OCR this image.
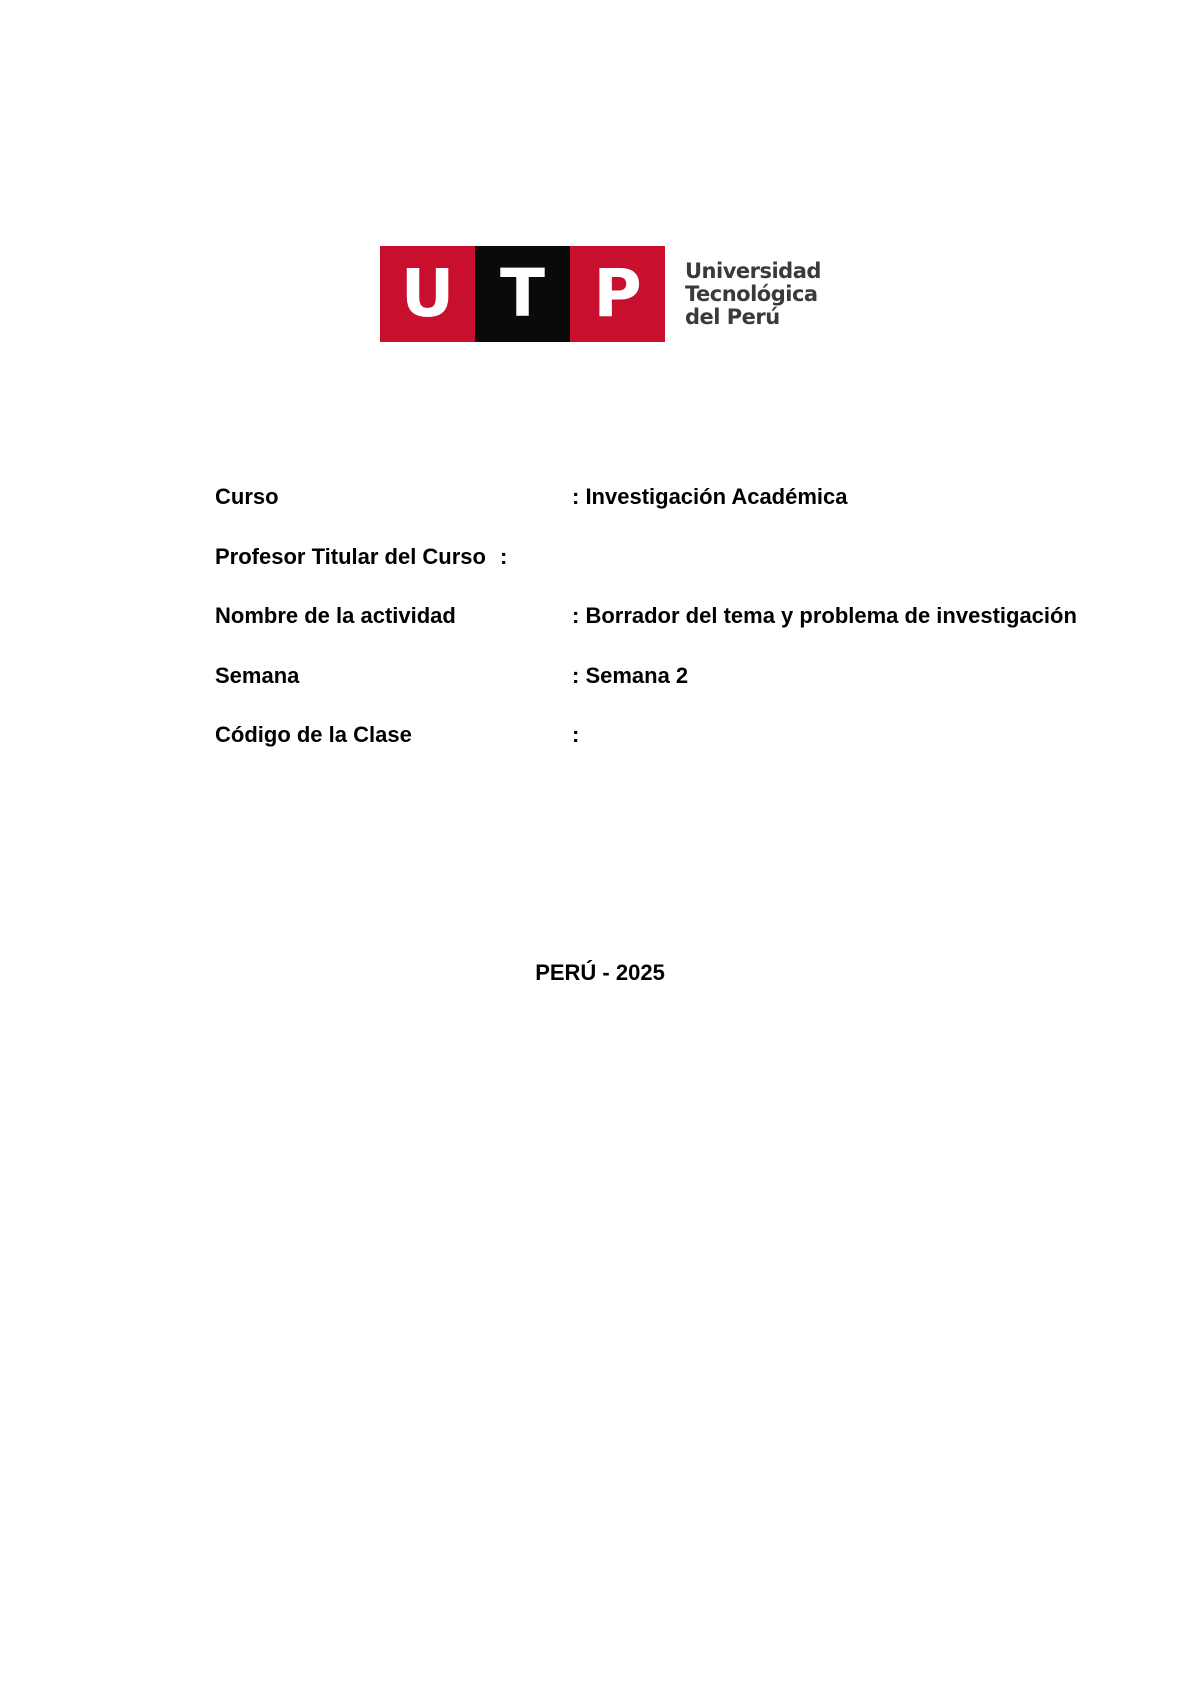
U T P	Universidad
Tecnológica
del Perú
Curso	: Investigación Académica
Profesor Titular del Curso :
Nombre de la actividad	: Borrador del tema y problema de investigación
Semana	: Semana 2
Código de la Clase	:
PERÚ - 2025
